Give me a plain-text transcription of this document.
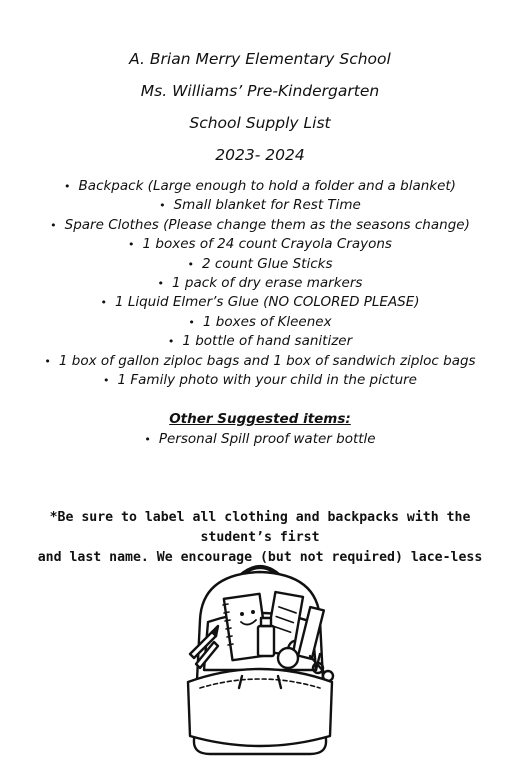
A. Brian Merry Elementary School
Ms. Williams’ Pre-Kindergarten
School Supply List
2023- 2024
• Backpack (Large enough to hold a folder and a blanket)
• Small blanket for Rest Time
• Spare Clothes (Please change them as the seasons change)
• 1 boxes of 24 count Crayola Crayons
• 2 count Glue Sticks
• 1 pack of dry erase markers
• 1 Liquid Elmer’s Glue (NO COLORED PLEASE)
• 1 boxes of Kleenex
• 1 bottle of hand sanitizer
• 1 box of gallon ziploc bags and 1 box of sandwich ziploc bags
• 1 Family photo with your child in the picture
Other Suggested items:
• Personal Spill proof water bottle
*Be sure to label all clothing and backpacks with the student’s first
and last name. We encourage (but not required) lace-less
